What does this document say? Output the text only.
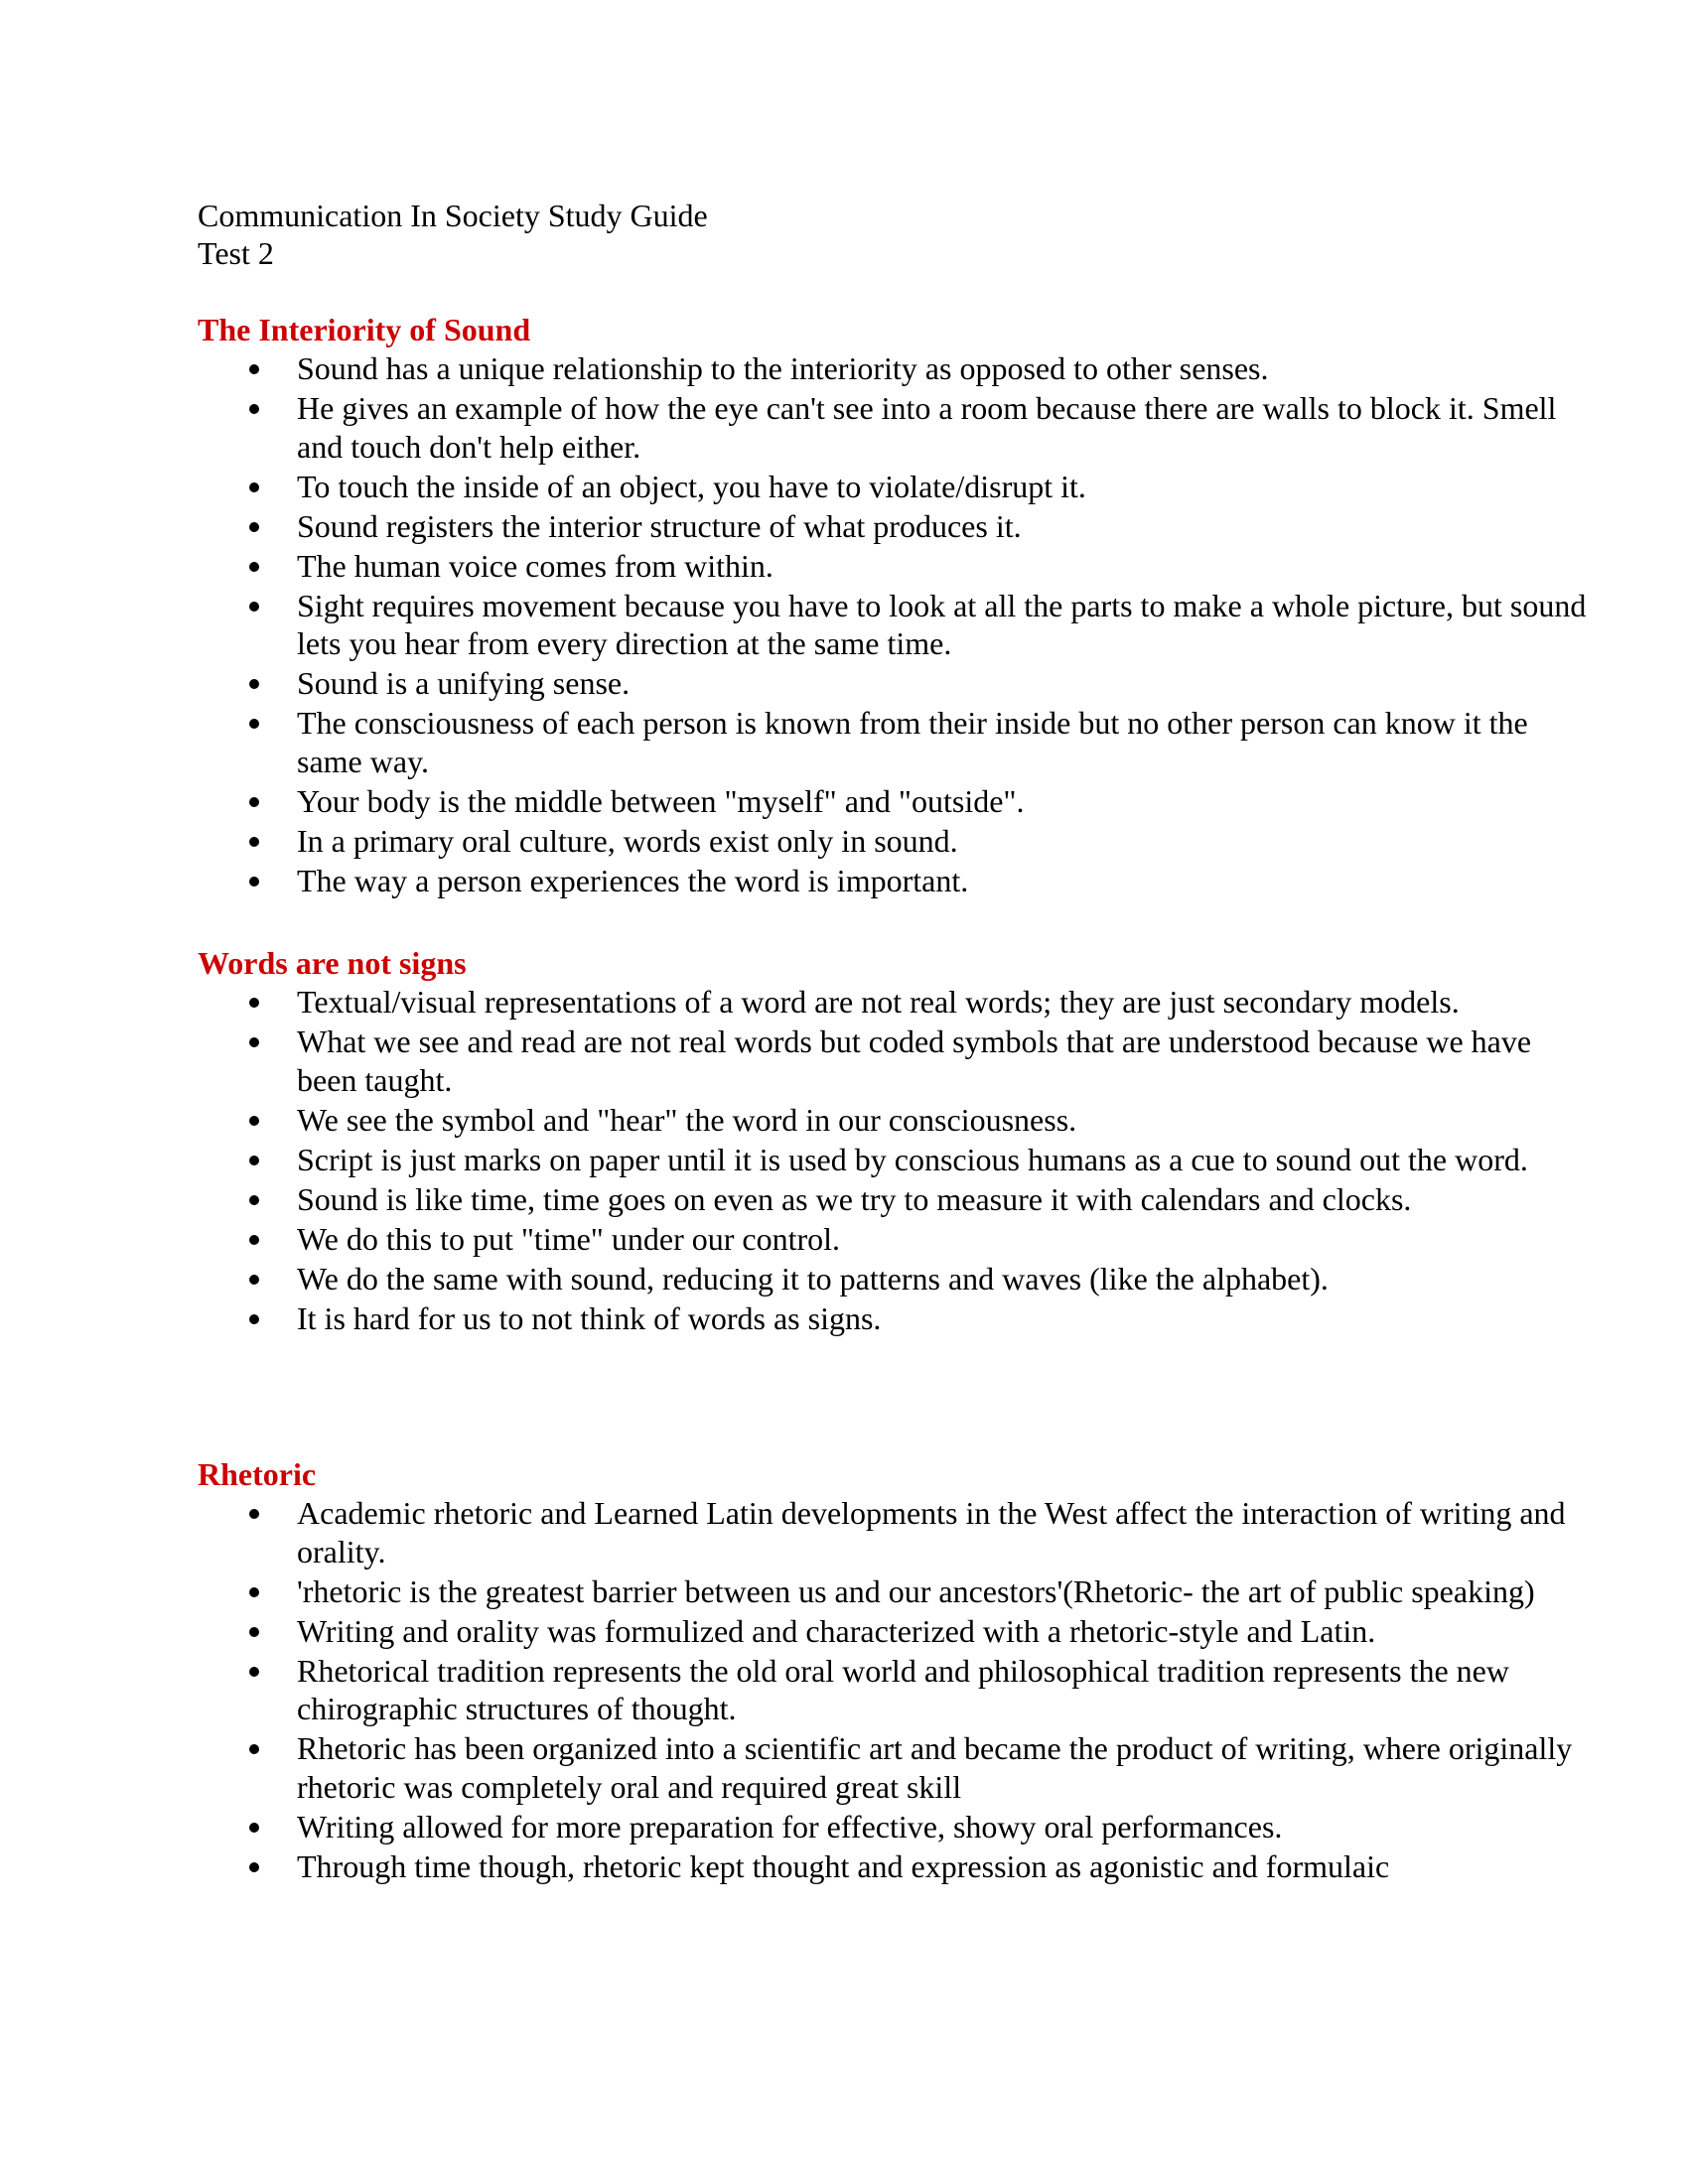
Communication In Society Study Guide
Test 2
The Interiority of Sound
Sound has a unique relationship to the interiority as opposed to other senses.
He gives an example of how the eye can't see into a room because there are walls to block it. Smell and touch don't help either.
To touch the inside of an object, you have to violate/disrupt it.
Sound registers the interior structure of what produces it.
The human voice comes from within.
Sight requires movement because you have to look at all the parts to make a whole picture, but sound lets you hear from every direction at the same time.
Sound is a unifying sense.
The consciousness of each person is known from their inside but no other person can know it the same way.
Your body is the middle between "myself" and "outside".
In a primary oral culture, words exist only in sound.
The way a person experiences the word is important.
Words are not signs
Textual/visual representations of a word are not real words; they are just secondary models.
What we see and read are not real words but coded symbols that are understood because we have been taught.
We see the symbol and "hear" the word in our consciousness.
Script is just marks on paper until it is used by conscious humans as a cue to sound out the word.
Sound is like time, time goes on even as we try to measure it with calendars and clocks.
We do this to put "time" under our control.
We do the same with sound, reducing it to patterns and waves (like the alphabet).
It is hard for us to not think of words as signs.
Rhetoric
Academic rhetoric and Learned Latin developments in the West affect the interaction of writing and orality.
'rhetoric is the greatest barrier between us and our ancestors'(Rhetoric- the art of public speaking)
Writing and orality was formulized and characterized with a rhetoric-style and Latin.
Rhetorical tradition represents the old oral world and philosophical tradition represents the new chirographic structures of thought.
Rhetoric has been organized into a scientific art and became the product of writing, where originally rhetoric was completely oral and required great skill
Writing allowed for more preparation for effective, showy oral performances.
Through time though, rhetoric kept thought and expression as agonistic and formulaic
